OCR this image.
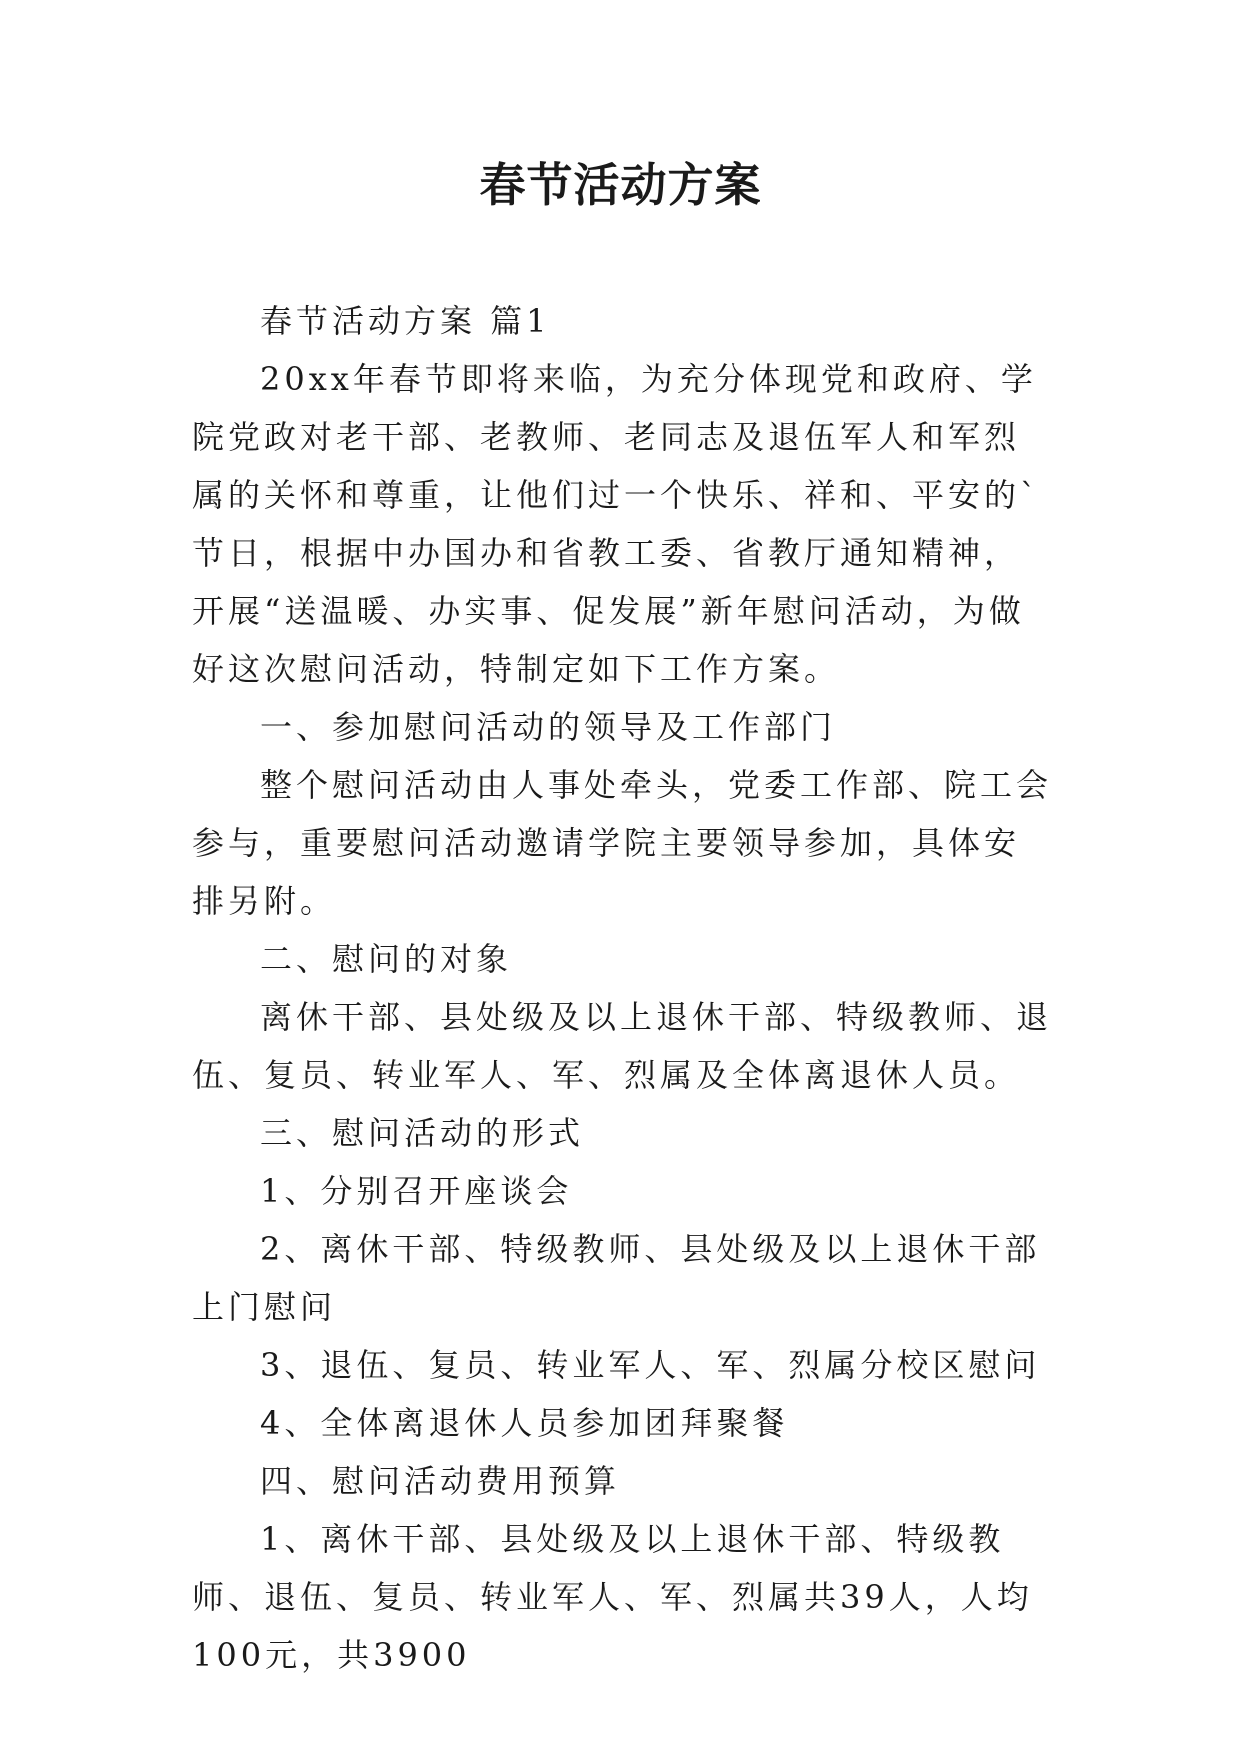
春节活动方案

春节活动方案 篇1

20xx年春节即将来临，为充分体现党和政府、学院党政对老干部、老教师、老同志及退伍军人和军烈属的关怀和尊重，让他们过一个快乐、祥和、平安的`节日，根据中办国办和省教工委、省教厅通知精神，开展“送温暖、办实事、促发展”新年慰问活动，为做好这次慰问活动，特制定如下工作方案。

一、参加慰问活动的领导及工作部门

整个慰问活动由人事处牵头，党委工作部、院工会参与，重要慰问活动邀请学院主要领导参加，具体安排另附。

二、慰问的对象

离休干部、县处级及以上退休干部、特级教师、退伍、复员、转业军人、军、烈属及全体离退休人员。

三、慰问活动的形式

1、分别召开座谈会

2、离休干部、特级教师、县处级及以上退休干部上门慰问

3、退伍、复员、转业军人、军、烈属分校区慰问

4、全体离退休人员参加团拜聚餐

四、慰问活动费用预算

1、离休干部、县处级及以上退休干部、特级教师、退伍、复员、转业军人、军、烈属共39人，人均100元，共3900
